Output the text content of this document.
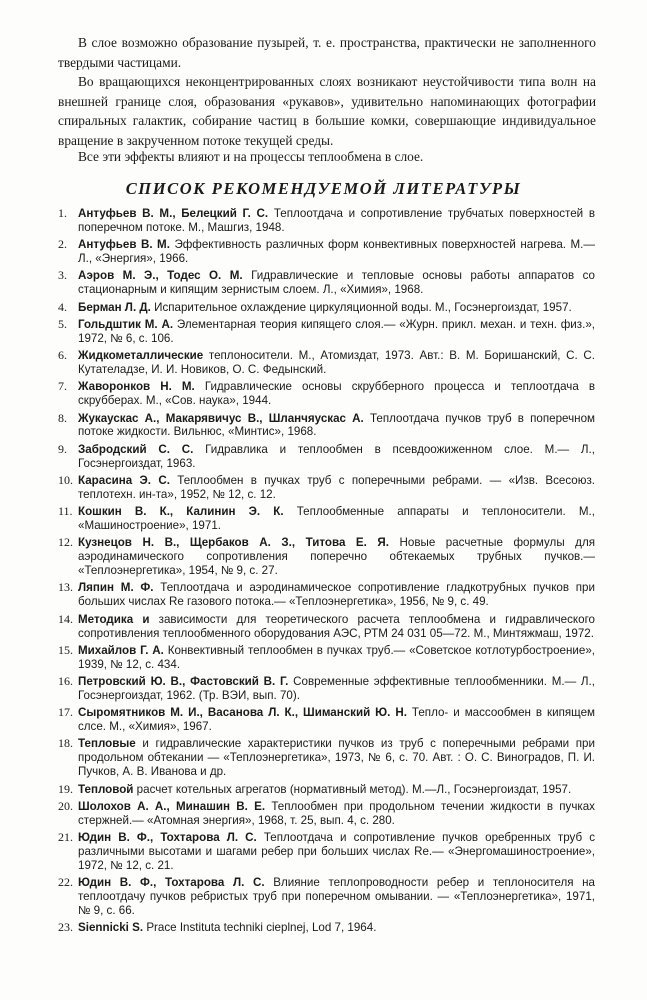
В слое возможно образование пузырей, т. е. пространства, практически не заполненного твердыми частицами.

Во вращающихся неконцентрированных слоях возникают неустойчивости типа волн на внешней границе слоя, образования «рукавов», удивительно напоминающих фотографии спиральных галактик, собирание частиц в большие комки, совершающие индивидуальное вращение в закрученном потоке текущей среды.

Все эти эффекты влияют и на процессы теплообмена в слое.

СПИСОК РЕКОМЕНДУЕМОЙ ЛИТЕРАТУРЫ
1. Антуфьев В. М., Белецкий Г. С. Теплоотдача и сопротивление трубчатых поверхностей в поперечном потоке. М., Машгиз, 1948.
2. Антуфьев В. М. Эффективность различных форм конвективных поверхностей нагрева. М.—Л., «Энергия», 1966.
3. Аэров М. Э., Тодес О. М. Гидравлические и тепловые основы работы аппаратов со стационарным и кипящим зернистым слоем. Л., «Химия», 1968.
4. Берман Л. Д. Испарительное охлаждение циркуляционной воды. М., Госэнергоиздат, 1957.
5. Гольдштик М. А. Элементарная теория кипящего слоя.— «Журн. прикл. механ. и техн. физ.», 1972, № 6, с. 106.
6. Жидкометаллические теплоносители. М., Атомиздат, 1973. Авт.: В. М. Боришанский, С. С. Кутателадзе, И. И. Новиков, О. С. Федынский.
7. Жаворонков Н. М. Гидравлические основы скрубберного процесса и теплоотдача в скрубберах. М., «Сов. наука», 1944.
8. Жукаускас А., Макарявичус В., Шланчяускас А. Теплоотдача пучков труб в поперечном потоке жидкости. Вильнюс, «Минтис», 1968.
9. Забродский С. С. Гидравлика и теплообмен в псевдоожиженном слое. М.— Л., Госэнергоиздат, 1963.
10. Карасина Э. С. Теплообмен в пучках труб с поперечными ребрами. — «Изв. Всесоюз. теплотехн. ин-та», 1952, № 12, с. 12.
11. Кошкин В. К., Калинин Э. К. Теплообменные аппараты и теплоносители. М., «Машиностроение», 1971.
12. Кузнецов Н. В., Щербаков А. З., Титова Е. Я. Новые расчетные формулы для аэродинамического сопротивления поперечно обтекаемых трубных пучков.— «Теплоэнергетика», 1954, № 9, с. 27.
13. Ляпин М. Ф. Теплоотдача и аэродинамическое сопротивление гладкотрубных пучков при больших числах Re газового потока.— «Теплоэнергетика», 1956, № 9, с. 49.
14. Методика и зависимости для теоретического расчета теплообмена и гидравлического сопротивления теплообменного оборудования АЭС, РТМ 24 031 05—72. М., Минтяжмаш, 1972.
15. Михайлов Г. А. Конвективный теплообмен в пучках труб.— «Советское котлотурбостроение», 1939, № 12, с. 434.
16. Петровский Ю. В., Фастовский В. Г. Современные эффективные теплообменники. М.— Л., Госэнергоиздат, 1962. (Тр. ВЭИ, вып. 70).
17. Сыромятников М. И., Васанова Л. К., Шиманский Ю. Н. Тепло- и массообмен в кипящем слсе. М., «Химия», 1967.
18. Тепловые и гидравлические характеристики пучков из труб с поперечными ребрами при продольном обтекании — «Теплоэнергетика», 1973, № 6, с. 70. Авт. : О. С. Виноградов, П. И. Пучков, А. В. Иванова и др.
19. Тепловой расчет котельных агрегатов (нормативный метод). М.—Л., Госэнергоиздат, 1957.
20. Шолохов А. А., Минашин В. Е. Теплообмен при продольном течении жидкости в пучках стержней.— «Атомная энергия», 1968, т. 25, вып. 4, с. 280.
21. Юдин В. Ф., Тохтарова Л. С. Теплоотдача и сопротивление пучков оребренных труб с различными высотами и шагами ребер при больших числах Re.— «Энергомашиностроение», 1972, № 12, с. 21.
22. Юдин В. Ф., Тохтарова Л. С. Влияние теплопроводности ребер и теплоносителя на теплоотдачу пучков ребристых труб при поперечном омывании. — «Теплоэнергетика», 1971, № 9, с. 66.
23. Siennicki S. Prace Instituta techniki cieplnej, Lod 7, 1964.
